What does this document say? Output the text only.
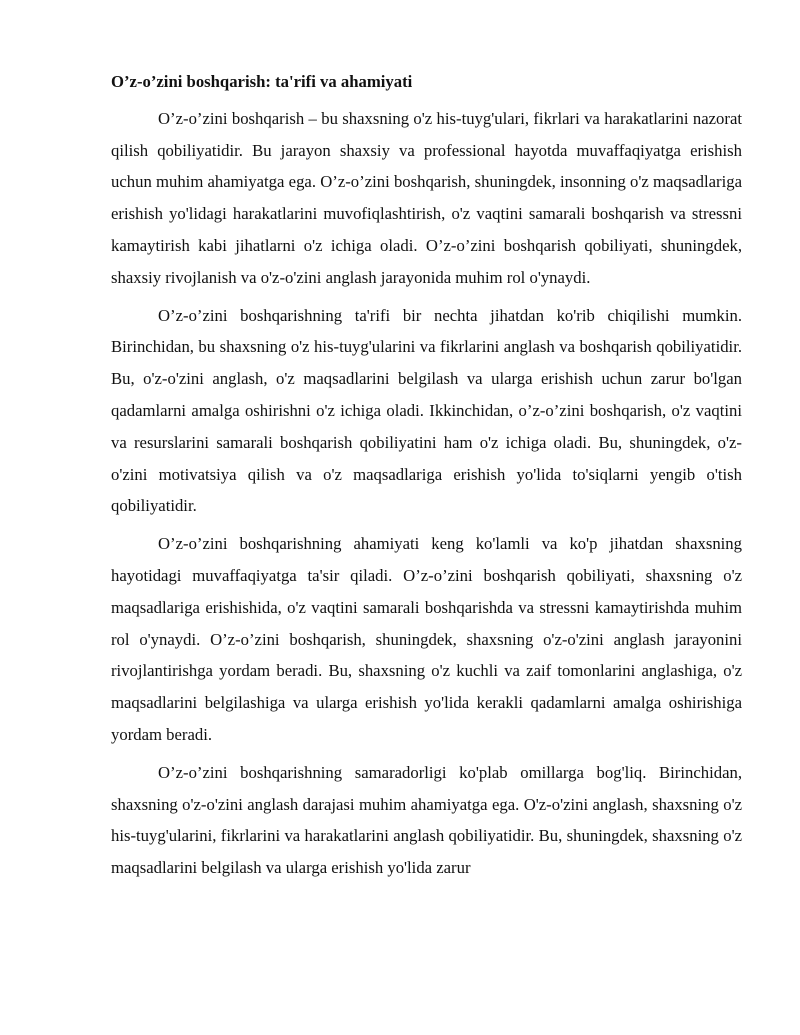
O’z-o’zini boshqarish: ta'rifi va ahamiyati

O’z-o’zini boshqarish – bu shaxsning o'z his-tuyg'ulari, fikrlari va harakatlarini nazorat qilish qobiliyatidir. Bu jarayon shaxsiy va professional hayotda muvaffaqiyatga erishish uchun muhim ahamiyatga ega. O’z-o’zini boshqarish, shuningdek, insonning o'z maqsadlariga erishish yo'lidagi harakatlarini muvofiqlashtirish, o'z vaqtini samarali boshqarish va stressni kamaytirish kabi jihatlarni o'z ichiga oladi. O’z-o’zini boshqarish qobiliyati, shuningdek, shaxsiy rivojlanish va o'z-o'zini anglash jarayonida muhim rol o'ynaydi.

O’z-o’zini boshqarishning ta'rifi bir nechta jihatdan ko'rib chiqilishi mumkin. Birinchidan, bu shaxsning o'z his-tuyg'ularini va fikrlarini anglash va boshqarish qobiliyatidir. Bu, o'z-o'zini anglash, o'z maqsadlarini belgilash va ularga erishish uchun zarur bo'lgan qadamlarni amalga oshirishni o'z ichiga oladi. Ikkinchidan, o’z-o’zini boshqarish, o'z vaqtini va resurslarini samarali boshqarish qobiliyatini ham o'z ichiga oladi. Bu, shuningdek, o'z-o'zini motivatsiya qilish va o'z maqsadlariga erishish yo'lida to'siqlarni yengib o'tish qobiliyatidir.

O’z-o’zini boshqarishning ahamiyati keng ko'lamli va ko'p jihatdan shaxsning hayotidagi muvaffaqiyatga ta'sir qiladi. O’z-o’zini boshqarish qobiliyati, shaxsning o'z maqsadlariga erishishida, o'z vaqtini samarali boshqarishda va stressni kamaytirishda muhim rol o'ynaydi. O’z-o’zini boshqarish, shuningdek, shaxsning o'z-o'zini anglash jarayonini rivojlantirishga yordam beradi. Bu, shaxsning o'z kuchli va zaif tomonlarini anglashiga, o'z maqsadlarini belgilashiga va ularga erishish yo'lida kerakli qadamlarni amalga oshirishiga yordam beradi.

O’z-o’zini boshqarishning samaradorligi ko'plab omillarga bog'liq. Birinchidan, shaxsning o'z-o'zini anglash darajasi muhim ahamiyatga ega. O'z-o'zini anglash, shaxsning o'z his-tuyg'ularini, fikrlarini va harakatlarini anglash qobiliyatidir. Bu, shuningdek, shaxsning o'z maqsadlarini belgilash va ularga erishish yo'lida zarur
